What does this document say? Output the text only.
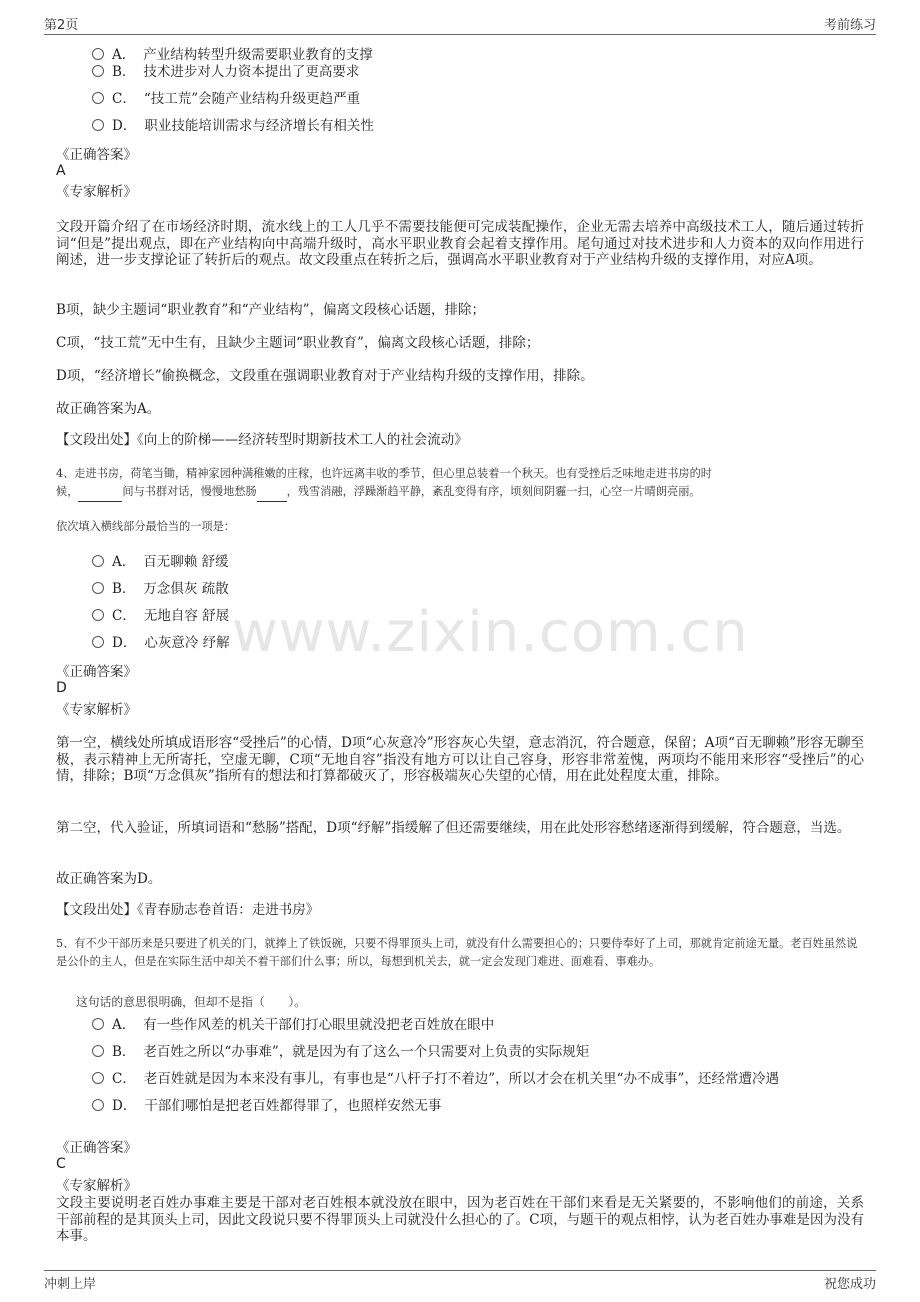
第2页	考前练习
www.zixin.com.cn
A． 产业结构转型升级需要职业教育的支撑
B． 技术进步对人力资本提出了更高要求
C． “技工荒”会随产业结构升级更趋严重
D． 职业技能培训需求与经济增长有相关性
《正确答案》
A
《专家解析》
文段开篇介绍了在市场经济时期，流水线上的工人几乎不需要技能便可完成装配操作，企业无需去培养中高级技术工人，随后通过转折词“但是”提出观点，即在产业结构向中高端升级时，高水平职业教育会起着支撑作用。尾句通过对技术进步和人力资本的双向作用进行阐述，进一步支撑论证了转折后的观点。故文段重点在转折之后，强调高水平职业教育对于产业结构升级的支撑作用，对应A项。
B项，缺少主题词“职业教育”和“产业结构”，偏离文段核心话题，排除；
C项，“技工荒”无中生有，且缺少主题词“职业教育”，偏离文段核心话题，排除；
D项，“经济增长”偷换概念，文段重在强调职业教育对于产业结构升级的支撑作用，排除。
故正确答案为A。
【文段出处】《向上的阶梯——经济转型时期新技术工人的社会流动》
4、走进书房，荷笔当锄，精神家园种满稚嫩的庄稼，也许远离丰收的季节，但心里总装着一个秋天。也有受挫后乏味地走进书房的时
候，	间与书群对话，慢慢地愁肠	，残雪消融，浮躁渐趋平静，紊乱变得有序，顷刻间阴霾一扫，心空一片晴朗亮丽。
依次填入横线部分最恰当的一项是：
A． 百无聊赖 舒缓
B． 万念俱灰 疏散
C． 无地自容 舒展
D． 心灰意冷 纾解
《正确答案》
D
《专家解析》
第一空，横线处所填成语形容“受挫后”的心情，D项“心灰意冷”形容灰心失望，意志消沉，符合题意，保留；A项“百无聊赖”形容无聊至极，表示精神上无所寄托，空虚无聊，C项“无地自容”指没有地方可以让自己容身，形容非常羞愧，两项均不能用来形容“受挫后”的心情，排除；B项“万念俱灰”指所有的想法和打算都破灭了，形容极端灰心失望的心情，用在此处程度太重，排除。
第二空，代入验证，所填词语和“愁肠”搭配，D项“纾解”指缓解了但还需要继续，用在此处形容愁绪逐渐得到缓解，符合题意，当选。
故正确答案为D。
【文段出处】《青春励志卷首语：走进书房》
5、有不少干部历来是只要进了机关的门，就捧上了铁饭碗，只要不得罪顶头上司，就没有什么需要担心的；只要侍奉好了上司，那就肯定前途无量。老百姓虽然说是公仆的主人，但是在实际生活中却关不着干部们什么事；所以，每想到机关去，就一定会发现门难进、面难看、事难办。
这句话的意思很明确，但却不是指（　　）。
A． 有一些作风差的机关干部们打心眼里就没把老百姓放在眼中
B． 老百姓之所以“办事难”，就是因为有了这么一个只需要对上负责的实际规矩
C． 老百姓就是因为本来没有事儿，有事也是“八杆子打不着边”，所以才会在机关里“办不成事”，还经常遭冷遇
D． 干部们哪怕是把老百姓都得罪了，也照样安然无事
《正确答案》
C
《专家解析》
文段主要说明老百姓办事难主要是干部对老百姓根本就没放在眼中，因为老百姓在干部们来看是无关紧要的，不影响他们的前途，关系干部前程的是其顶头上司，因此文段说只要不得罪顶头上司就没什么担心的了。C项，与题干的观点相悖，认为老百姓办事难是因为没有本事。
冲刺上岸	祝您成功
